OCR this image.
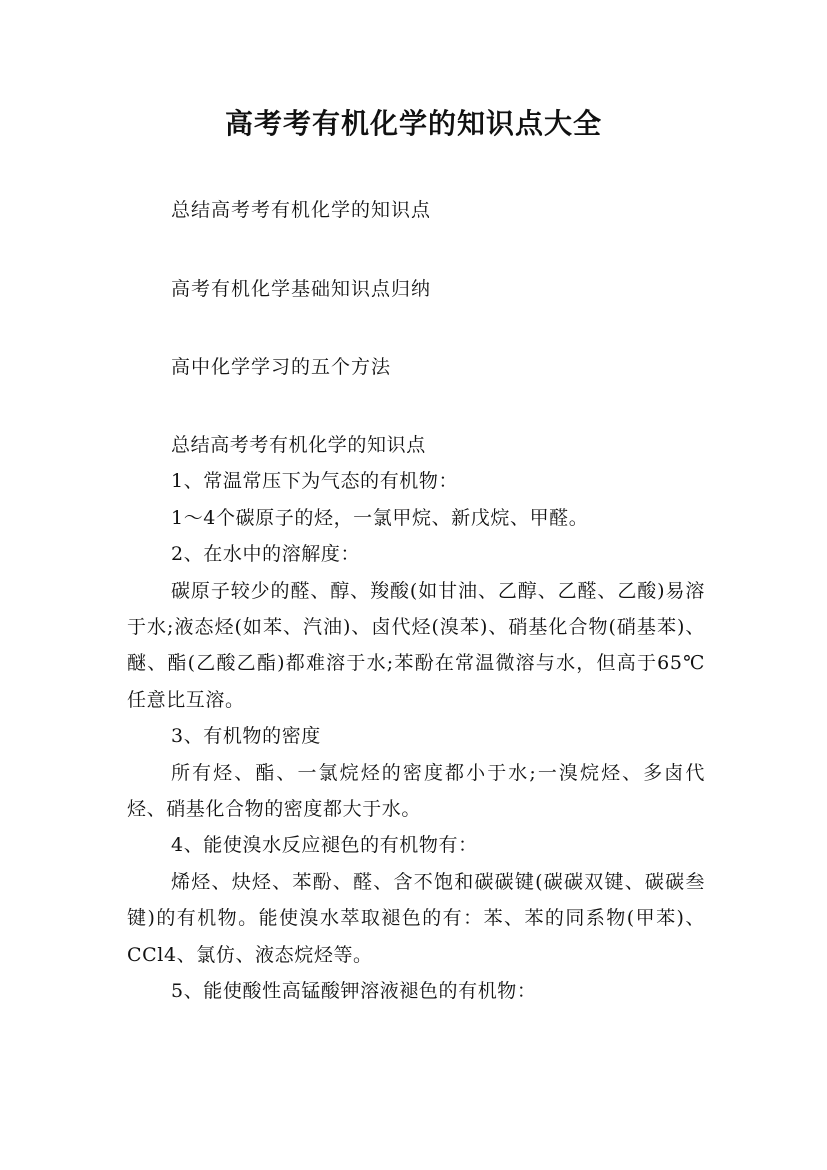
高考考有机化学的知识点大全
总结高考考有机化学的知识点
高考有机化学基础知识点归纳
高中化学学习的五个方法

总结高考考有机化学的知识点

1、常温常压下为气态的有机物：

1～4个碳原子的烃，一氯甲烷、新戊烷、甲醛。

2、在水中的溶解度：

碳原子较少的醛、醇、羧酸(如甘油、乙醇、乙醛、乙酸)易溶于水;液态烃(如苯、汽油)、卤代烃(溴苯)、硝基化合物(硝基苯)、醚、酯(乙酸乙酯)都难溶于水;苯酚在常温微溶与水，但高于65℃任意比互溶。

3、有机物的密度

所有烃、酯、一氯烷烃的密度都小于水;一溴烷烃、多卤代烃、硝基化合物的密度都大于水。

4、能使溴水反应褪色的有机物有：

烯烃、炔烃、苯酚、醛、含不饱和碳碳键(碳碳双键、碳碳叁键)的有机物。能使溴水萃取褪色的有：苯、苯的同系物(甲苯)、CCl4、氯仿、液态烷烃等。

5、能使酸性高锰酸钾溶液褪色的有机物：
